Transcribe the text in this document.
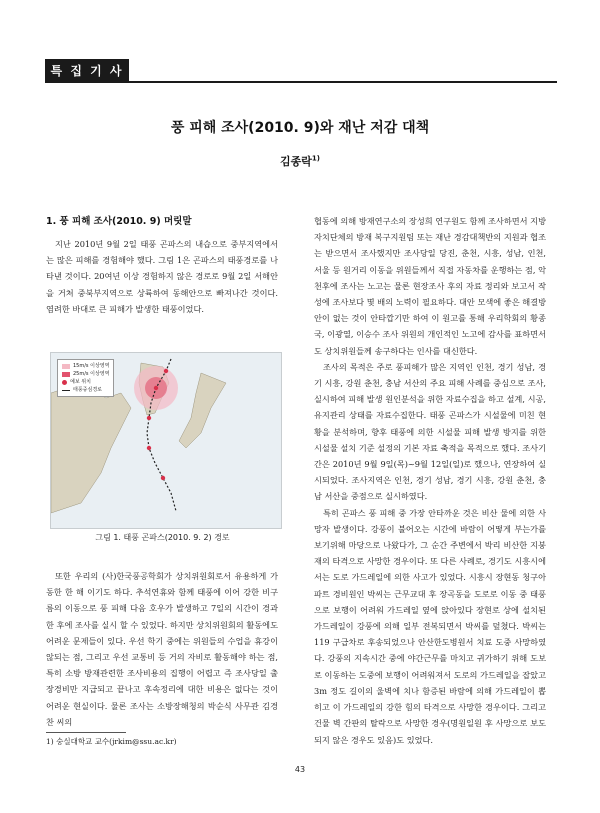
특 집 기 사
풍 피해 조사(2010. 9)와 재난 저감 대책
김종락$^{1)}$
1. 풍 피해 조사(2010. 9) 머릿말

지난 2010년 9월 2일 태풍 곤파스의 내습으로 중부지역에서는 많은 피해를 경험해야 했다. 그림 1은 곤파스의 태풍경로를 나타낸 것이다. 20여년 이상 경험하지 않은 경로로 9월 2일 서해안을 거쳐 중북부지역으로 상륙하여 동해안으로 빠져나간 것이다. 염려한 바대로 큰 피해가 발생한 태풍이었다.

15m/s 이상영역
25m/s 이상영역
예보 위치
태풍중심경로
그림 1. 태풍 곤파스(2010. 9. 2) 경로

또한 우리의 (사)한국풍공학회가 상치위원회로서 유용하게 가동한 한 해 이기도 하다. 추석연휴와 함께 태풍에 이어 강한 비구름의 이동으로 풍 피해 다음 호우가 발생하고 7일의 시간이 경과한 후에 조사를 실시 할 수 있었다. 하지만 상치위원회의 활동에도 어려운 문제들이 있다. 우선 학기 중에는 위원들의 수업을 휴강이 않되는 점, 그리고 우선 교통비 등 거의 자비로 활동해야 하는 점, 특히 소방 방재관련한 조사비용의 집행이 어렵고 즉 조사당일 출장경비만 지급되고 끝나고 후속정리에 대한 비용은 없다는 것이 어려운 현실이다. 물론 조사는 소방장해청의 박순식 사무관 김경찬 씨의

협동에 의해 방재연구소의 장성희 연구원도 함께 조사하면서 지방자치단체의 방재 복구지원팀 또는 재난 경감대책반의 지원과 협조는 받으면서 조사했지만 조사당일 당진, 춘천, 시흥, 성남, 인천, 서울 등 원거리 이동을 위원들께서 직접 자동차를 운행하는 점, 악천후에 조사는 노고는 물론 현장조사 후의 자료 정리와 보고서 작성에 조사보다 몇 배의 노력이 필요하다. 대안 모색에 좋은 해결방안이 없는 것이 안타깝기만 하여 이 원고를 통해 우리학회의 황종국, 이광열, 이승수 조사 위원의 개인적인 노고에 감사를 표하면서도 상치위원들께 송구하다는 인사를 대신한다.

조사의 목적은 주로 풍피해가 많은 지역인 인천, 경기 성남, 경기 시흥, 강원 춘천, 충남 서산의 주요 피해 사례를 중심으로 조사, 실시하여 피해 발생 원인분석을 위한 자료수집을 하고 설계, 시공, 유지관리 상태를 자료수집한다. 태풍 곤파스가 시설물에 미친 현황을 분석하며, 향후 태풍에 의한 시설물 피해 발생 방지를 위한 시설물 설치 기준 설정의 기본 자료 축적을 목적으로 했다. 조사기간은 2010년 9월 9일(목)~9월 12일(일)로 했으나, 연장하여 실시되었다. 조사지역은 인천, 경기 성남, 경기 시흥, 강원 춘천, 충남 서산을 중점으로 실시하였다.

특히 곤파스 풍 피해 중 가장 안타까운 것은 비산 물에 의한 사망자 발생이다. 강풍이 불어오는 시간에 바람이 어떻게 부는가를 보기위해 마당으로 나왔다가, 그 순간 주변에서 박리 비산한 지붕재의 타격으로 사망한 경우이다. 또 다른 사례로, 경기도 시흥시에서는 도로 가드레일에 의한 사고가 있었다. 시흥시 장현동 청구아파트 경비원인 박씨는 근무교대 후 장곡동을 도로로 이동 중 태풍으로 보행이 어려워 가드레일 옆에 앉아있다 장현로 상에 설치된 가드레일이 강풍에 의해 일부 전복되면서 박씨를 덮쳤다. 박씨는 119 구급차로 후송되었으나 안산한도병원서 치료 도중 사망하였다. 강풍의 지속시간 중에 야간근무를 마치고 귀가하기 위해 도보로 이동하는 도중에 보행이 어려워져서 도로의 가드레일을 잡았고 3m 정도 길이의 울벽에 치나 함증된 바람에 의해 가드레일이 뽑히고 이 가드레일의 강한 힘의 타격으로 사망한 경우이다. 그리고 건물 벽 간판의 탈락으로 사망한 경우(명원일원 후 사망으로 보도되지 않은 경우도 있음)도 있었다.

1) 숭실대학교 교수(jrkim@ssu.ac.kr)
43
